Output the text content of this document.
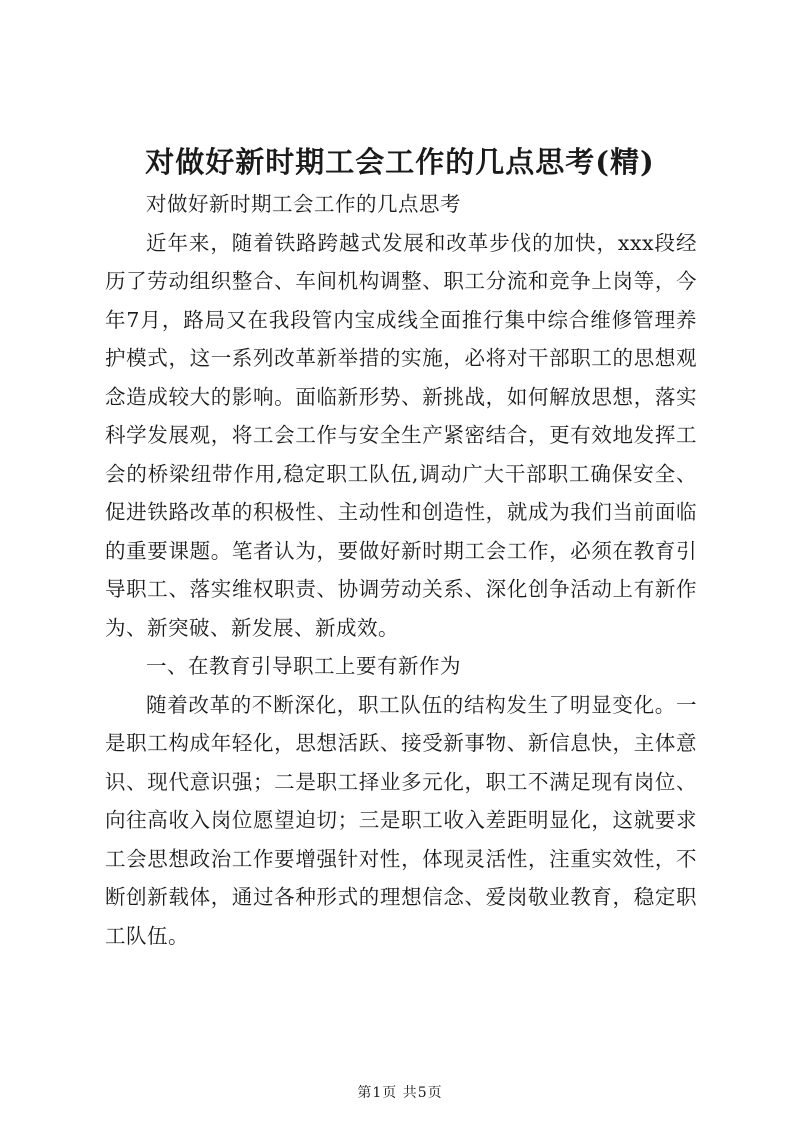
对做好新时期工会工作的几点思考(精)

对做好新时期工会工作的几点思考

近年来，随着铁路跨越式发展和改革步伐的加快，xxx段经历了劳动组织整合、车间机构调整、职工分流和竞争上岗等，今年7月，路局又在我段管内宝成线全面推行集中综合维修管理养护模式，这一系列改革新举措的实施，必将对干部职工的思想观念造成较大的影响。面临新形势、新挑战，如何解放思想，落实科学发展观，将工会工作与安全生产紧密结合，更有效地发挥工会的桥梁纽带作用,稳定职工队伍,调动广大干部职工确保安全、促进铁路改革的积极性、主动性和创造性，就成为我们当前面临的重要课题。笔者认为，要做好新时期工会工作，必须在教育引导职工、落实维权职责、协调劳动关系、深化创争活动上有新作为、新突破、新发展、新成效。

一、在教育引导职工上要有新作为

随着改革的不断深化，职工队伍的结构发生了明显变化。一是职工构成年轻化，思想活跃、接受新事物、新信息快，主体意识、现代意识强；二是职工择业多元化，职工不满足现有岗位、向往高收入岗位愿望迫切；三是职工收入差距明显化，这就要求工会思想政治工作要增强针对性，体现灵活性，注重实效性，不断创新载体，通过各种形式的理想信念、爱岗敬业教育，稳定职工队伍。

第1页 共5页
